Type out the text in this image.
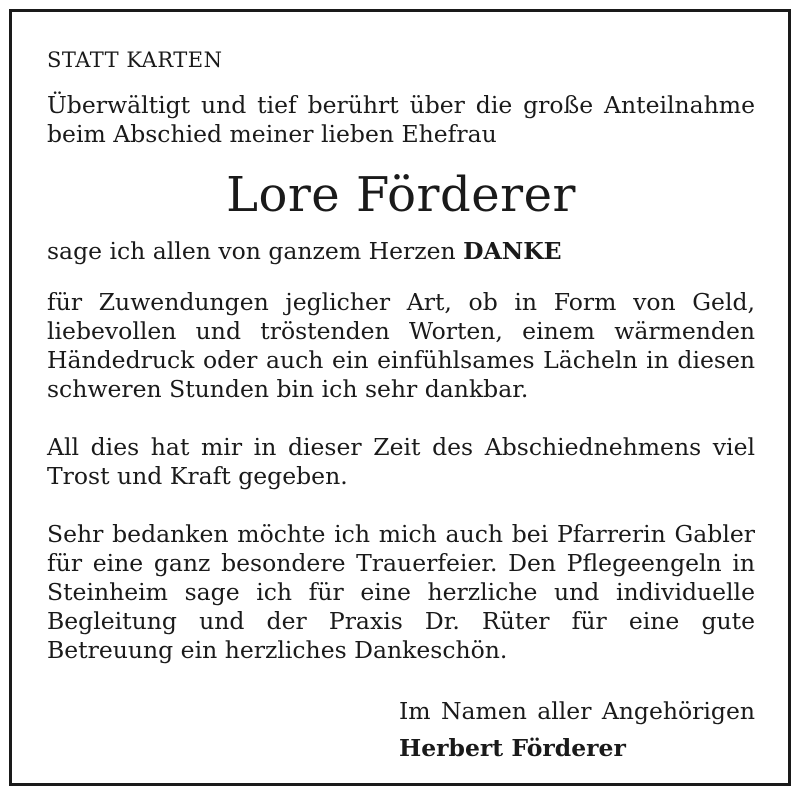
STATT KARTEN

Überwältigt und tief berührt über die große Anteilnahme

beim Abschied meiner lieben Ehefrau

Lore Förderer

sage ich allen von ganzem Herzen DANKE

für Zuwendungen jeglicher Art, ob in Form von Geld, liebevollen und tröstenden Worten, einem wärmenden Händedruck oder auch ein einfühlsames Lächeln in diesen schweren Stunden bin ich sehr dankbar.

All dies hat mir in dieser Zeit des Abschiednehmens viel Trost und Kraft gegeben.

Sehr bedanken möchte ich mich auch bei Pfarrerin Gabler für eine ganz besondere Trauerfeier. Den Pflegeengeln in Steinheim sage ich für eine herzliche und individuelle Begleitung und der Praxis Dr. Rüter für eine gute Betreuung ein herzliches Dankeschön.

Im Namen aller Angehörigen

Herbert Förderer
